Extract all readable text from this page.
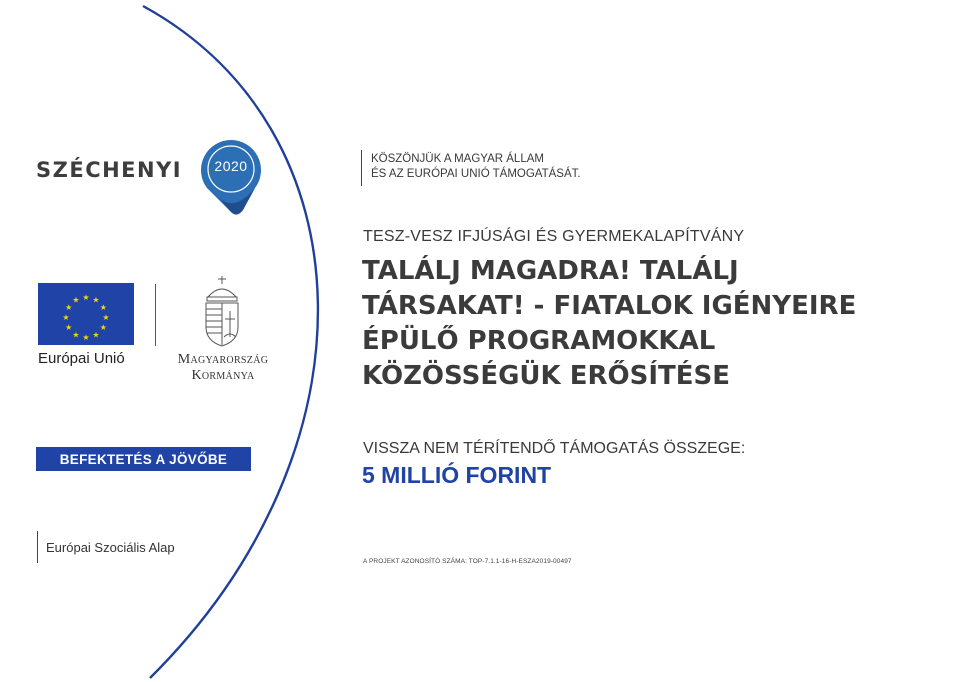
SZÉCHENYI	2020
★ ★
★
★
★
★
★
★
★
★
★
★
Európai Unió	Magyarország
Kormánya
BEFEKTETÉS A JÖVŐBE
Európai Szociális Alap
KÖSZÖNJÜK A MAGYAR ÁLLAM
ÉS AZ EURÓPAI UNIÓ TÁMOGATÁSÁT.
TESZ-VESZ IFJÚSÁGI ÉS GYERMEKALAPÍTVÁNY
TALÁLJ MAGADRA! TALÁLJ
TÁRSAKAT! - FIATALOK IGÉNYEIRE
ÉPÜLŐ PROGRAMOKKAL
KÖZÖSSÉGÜK ERŐSÍTÉSE
VISSZA NEM TÉRÍTENDŐ TÁMOGATÁS ÖSSZEGE:
5 MILLIÓ FORINT
A PROJEKT AZONOSÍTÓ SZÁMA: TOP-7.1.1-16-H-ESZA2019-00497
